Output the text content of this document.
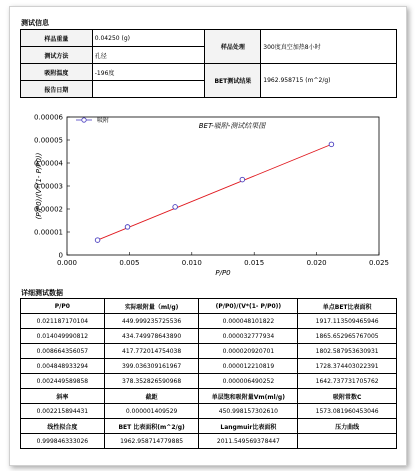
测试信息
样品重量	0.04250 (g)	样品处理	300度真空加热8小时
测试方法	孔径		
吸附温度	-196度	BET测试结果	1962.958715 (m^2/g)
报告日期			
0
0.00001
0.00002
0.00003
0.00004
0.00005
0.00006
0.000	0.005	0.010	0.015	0.020	0.025
P/P0
(P/P0)/(V*(1- P/P0))
BET-吸附-测试结果图
吸附
详细测试数据
P/P0	实际吸附量（ml/g)	(P/P0)/(V*(1- P/P0))	单点BET比表面积
0.021187170104	449.999235725536	0.000048101822	1917.113509465946
0.014049990812	434.749978643890	0.000032777934	1865.652965767005
0.008664356057	417.772014754038	0.000020920701	1802.587953630931
0.004848933294	399.036309161967	0.000012210819	1728.374403022391
0.002449589858	378.352826590968	0.000006490252	1642.737731705762
斜率	截距	单层饱和吸附量Vm(ml/g)	吸附常数C
0.002215894431	0.000001409529	450.998157302610	1573.081960453046
线性拟合度	BET 比表面积(m^2/g)	Langmuir比表面积	压力曲线
0.999846333026	1962.958714779885	2011.549569378447	
